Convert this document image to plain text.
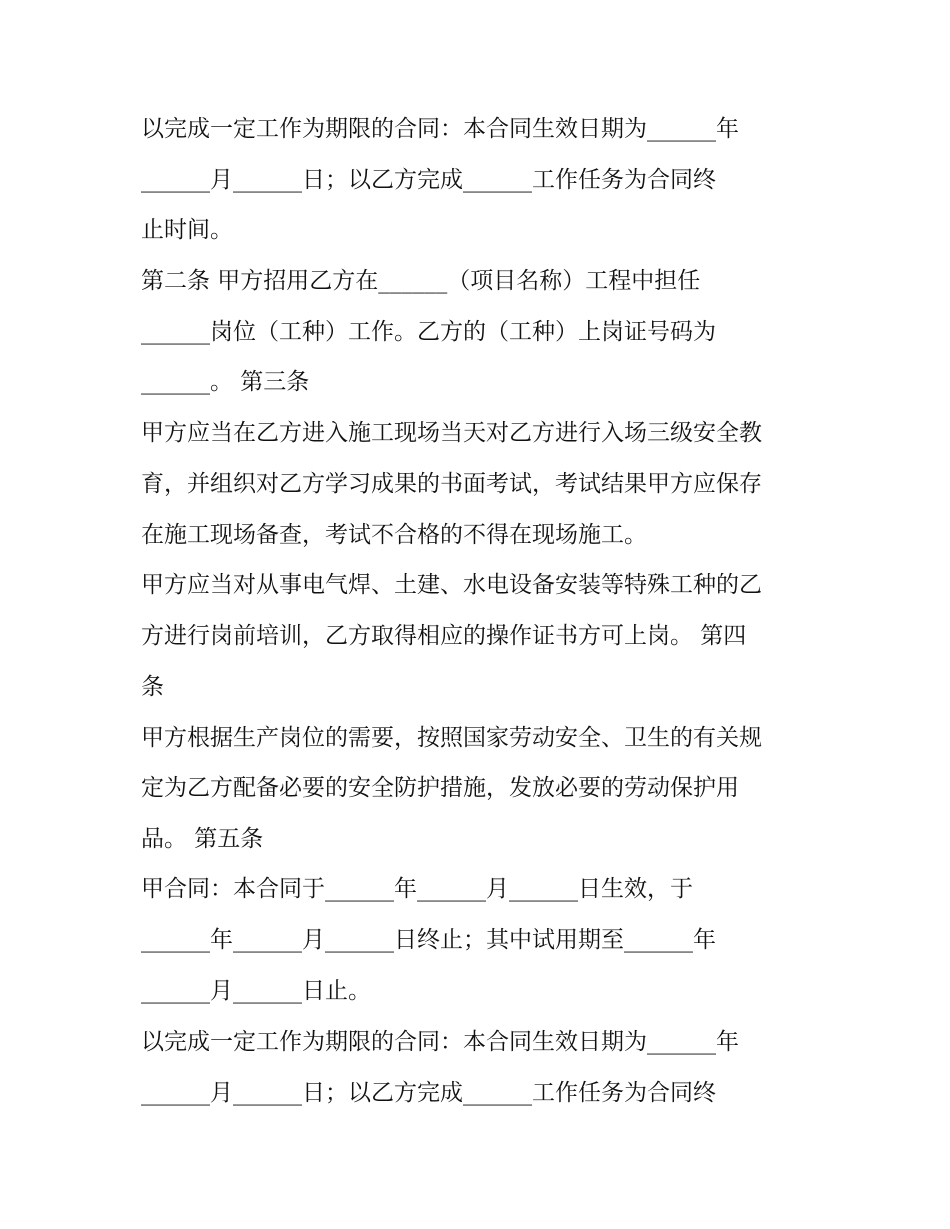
以完成一定工作为期限的合同：本合同生效日期为______年
______月______日；以乙方完成______工作任务为合同终
止时间。
第二条 甲方招用乙方在______（项目名称）工程中担任
______岗位（工种）工作。乙方的（工种）上岗证号码为
______。 第三条
甲方应当在乙方进入施工现场当天对乙方进行入场三级安全教
育，并组织对乙方学习成果的书面考试，考试结果甲方应保存
在施工现场备查，考试不合格的不得在现场施工。
甲方应当对从事电气焊、土建、水电设备安装等特殊工种的乙
方进行岗前培训，乙方取得相应的操作证书方可上岗。 第四
条
甲方根据生产岗位的需要，按照国家劳动安全、卫生的有关规
定为乙方配备必要的安全防护措施，发放必要的劳动保护用
品。 第五条
甲合同：本合同于______年______月______日生效，于
______年______月______日终止；其中试用期至______年
______月______日止。
以完成一定工作为期限的合同：本合同生效日期为______年
______月______日；以乙方完成______工作任务为合同终
